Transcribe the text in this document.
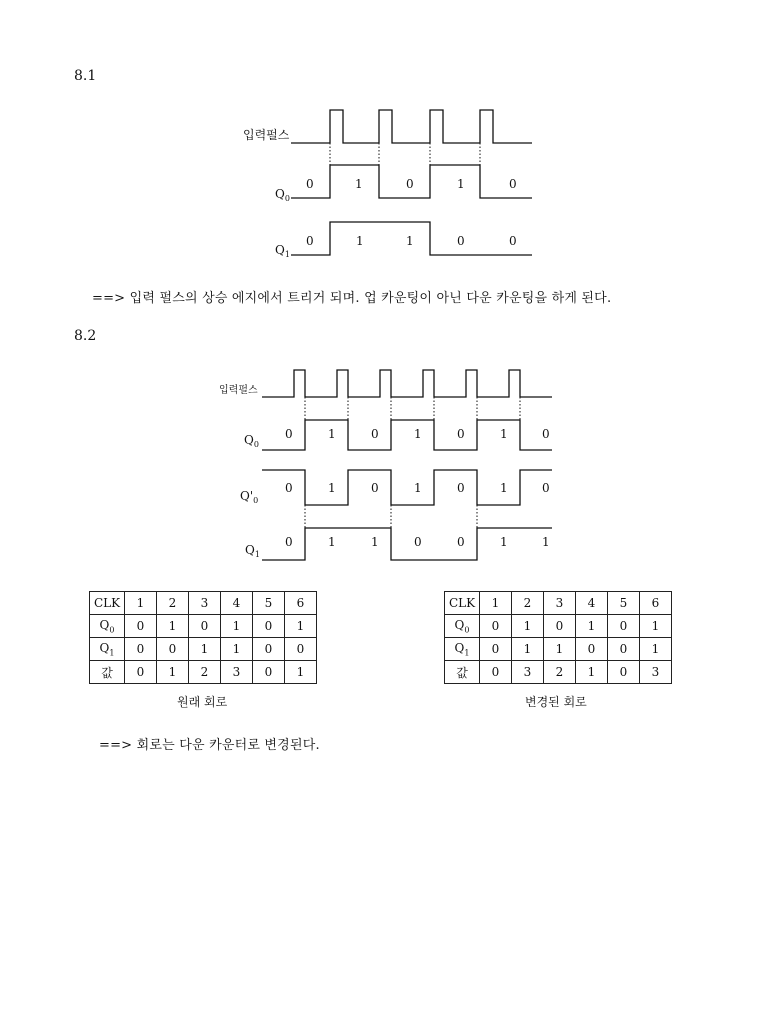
8.1
입력펄스
$Q_0$
$Q_1$
0	1	0	1	0
0	1	1	0	0
==> 입력 펄스의 상승 에지에서 트리거 되며. 업 카운팅이 아닌 다운 카운팅을 하게 된다.
8.2
입력펄스
$Q_0$
$Q'_0$
$Q_1$
0	1	0	1	0	1	0
0	1	0	1	0	1	0
0	1	1	0	0	1	1
CLK	1	2	3	4	5	6
$Q_0$	0	1	0	1	0	1
$Q_1$	0	0	1	1	0	0
값	0	1	2	3	0	1
원래 회로
CLK	1	2	3	4	5	6
$Q_0$	0	1	0	1	0	1
$Q_1$	0	1	1	0	0	1
값	0	3	2	1	0	3
변경된 회로
==> 회로는 다운 카운터로 변경된다.
